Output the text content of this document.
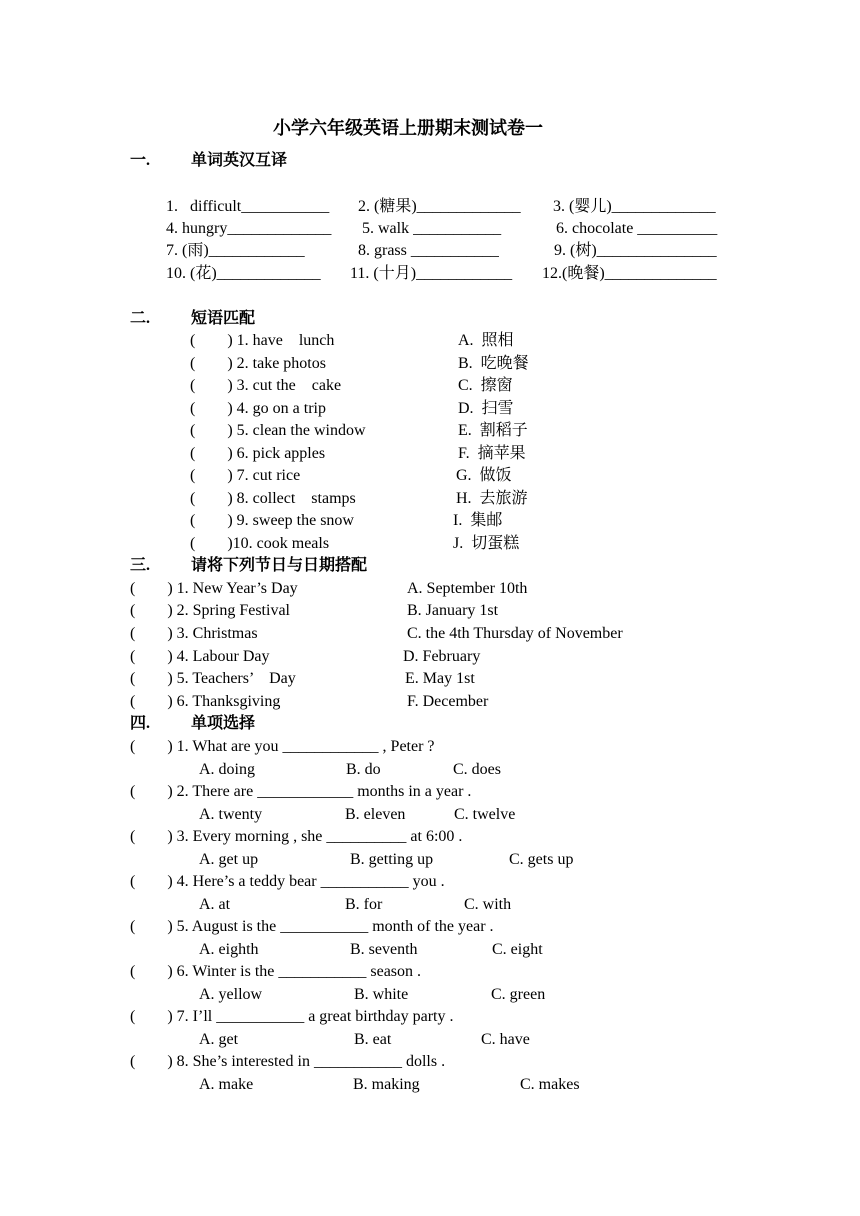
小学六年级英语上册期末测试卷一
一.	单词英汉互译
1.   difficult___________ 2. (糖果)_____________ 3. (婴儿)_____________
4. hungry_____________ 5. walk ___________	6. chocolate __________
7. (雨)____________	8. grass ___________	9. (树)_______________
10. (花)_____________ 11. (十月)____________ 12.(晚餐)______________
二.	短语匹配
(        ) 1. have    lunch	A.  照相
(        ) 2. take photos	B.  吃晚餐
(        ) 3. cut the    cake	C.  擦窗
(        ) 4. go on a trip	D.  扫雪
(        ) 5. clean the window	E.  割稻子
(        ) 6. pick apples	F.  摘苹果
(        ) 7. cut rice	G.  做饭
(        ) 8. collect    stamps	H.  去旅游
(        ) 9. sweep the snow	I.  集邮
(        )10. cook meals	J.  切蛋糕
三.	请将下列节日与日期搭配
(        ) 1. New Year’s Day	A. September 10th
(        ) 2. Spring Festival	B. January 1st
(        ) 3. Christmas	C. the 4th Thursday of November
(        ) 4. Labour Day	D. February
(        ) 5. Teachers’    Day	E. May 1st
(        ) 6. Thanksgiving	F. December
四.	单项选择
(        ) 1. What are you ____________ , Peter ?
A. doing	B. do	C. does
(        ) 2. There are ____________ months in a year .
A. twenty	B. eleven	C. twelve
(        ) 3. Every morning , she __________ at 6:00 .
A. get up	B. getting up	C. gets up
(        ) 4. Here’s a teddy bear ___________ you .
A. at	B. for	C. with
(        ) 5. August is the ___________ month of the year .
A. eighth	B. seventh	C. eight
(        ) 6. Winter is the ___________ season .
A. yellow	B. white	C. green
(        ) 7. I’ll ___________ a great birthday party .
A. get	B. eat	C. have
(        ) 8. She’s interested in ___________ dolls .
A. make	B. making	C. makes
